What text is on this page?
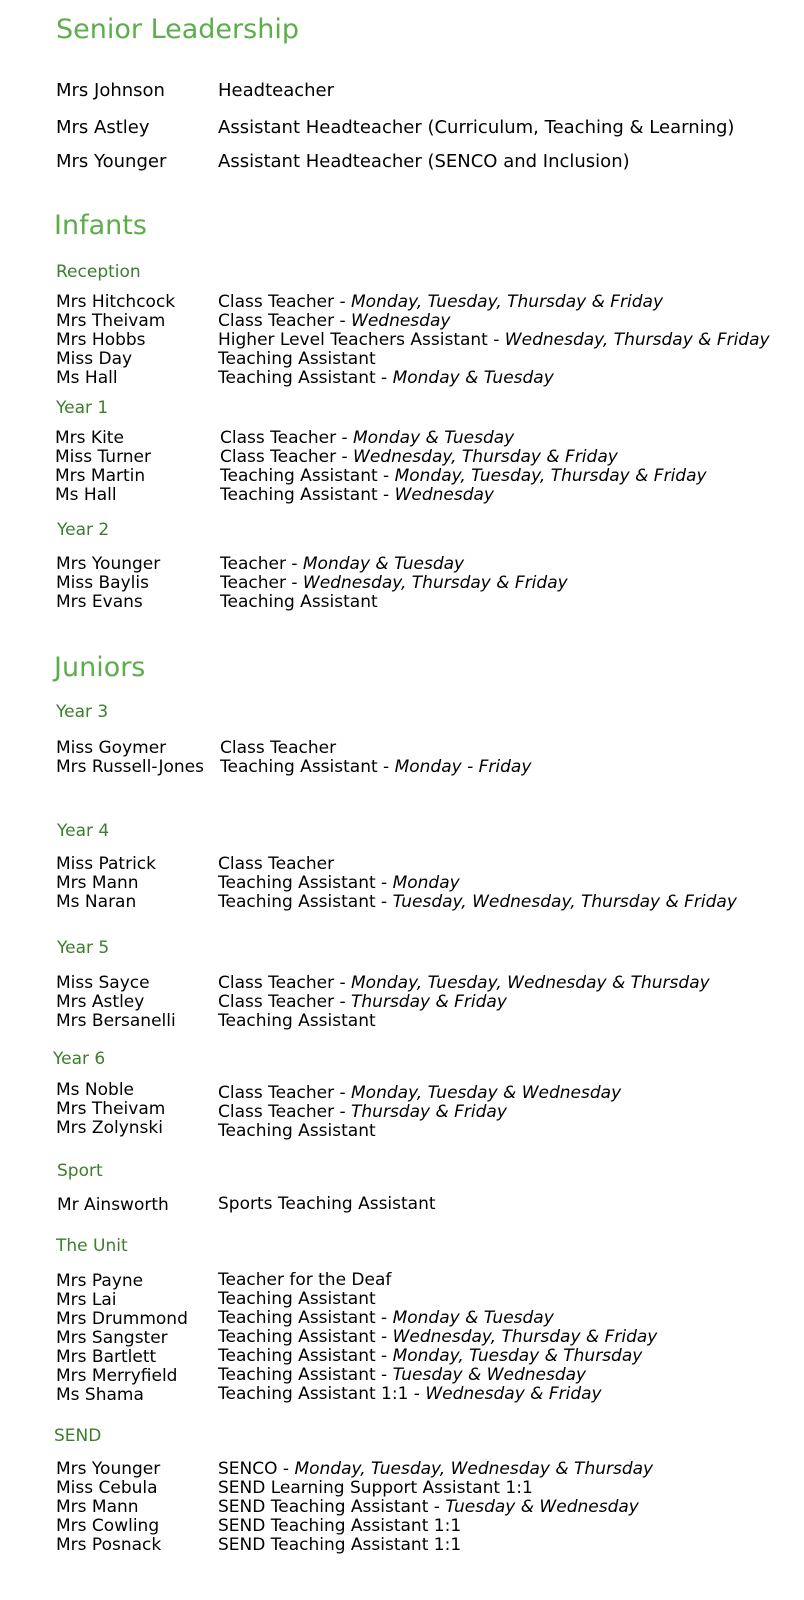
Senior Leadership
Mrs Johnson	Headteacher
Mrs Astley	Assistant Headteacher (Curriculum, Teaching & Learning)
Mrs Younger	Assistant Headteacher (SENCO and Inclusion)
Infants
Reception
Mrs Hitchcock	Class Teacher - Monday, Tuesday, Thursday & Friday
Mrs Theivam	Class Teacher - Wednesday
Mrs Hobbs	Higher Level Teachers Assistant - Wednesday, Thursday & Friday
Miss Day	Teaching Assistant
Ms Hall	Teaching Assistant - Monday & Tuesday
Year 1
Mrs Kite	Class Teacher - Monday & Tuesday
Miss Turner	Class Teacher - Wednesday, Thursday & Friday
Mrs Martin	Teaching Assistant - Monday, Tuesday, Thursday & Friday
Ms Hall	Teaching Assistant - Wednesday
Year 2
Mrs Younger	Teacher - Monday & Tuesday
Miss Baylis	Teacher - Wednesday, Thursday & Friday
Mrs Evans	Teaching Assistant
Juniors
Year 3
Miss Goymer	Class Teacher
Mrs Russell-Jones Teaching Assistant - Monday - Friday
Year 4
Miss Patrick	Class Teacher
Mrs Mann	Teaching Assistant - Monday
Ms Naran	Teaching Assistant - Tuesday, Wednesday, Thursday & Friday
Year 5
Miss Sayce	Class Teacher - Monday, Tuesday, Wednesday & Thursday
Mrs Astley	Class Teacher - Thursday & Friday
Mrs Bersanelli Teaching Assistant
Year 6
Ms Noble	Class Teacher - Monday, Tuesday & Wednesday
Mrs Theivam	Class Teacher - Thursday & Friday
Mrs Zolynski	Teaching Assistant
Sport
Mr Ainsworth	Sports Teaching Assistant
The Unit
Mrs Payne	Teacher for the Deaf
Mrs Lai	Teaching Assistant
Mrs Drummond Teaching Assistant - Monday & Tuesday
Mrs Sangster	Teaching Assistant - Wednesday, Thursday & Friday
Mrs Bartlett	Teaching Assistant - Monday, Tuesday & Thursday
Mrs Merryfield Teaching Assistant - Tuesday & Wednesday
Ms Shama	Teaching Assistant 1:1 - Wednesday & Friday
SEND
Mrs Younger	SENCO - Monday, Tuesday, Wednesday & Thursday
Miss Cebula	SEND Learning Support Assistant 1:1
Mrs Mann	SEND Teaching Assistant - Tuesday & Wednesday
Mrs Cowling	SEND Teaching Assistant 1:1
Mrs Posnack	SEND Teaching Assistant 1:1
